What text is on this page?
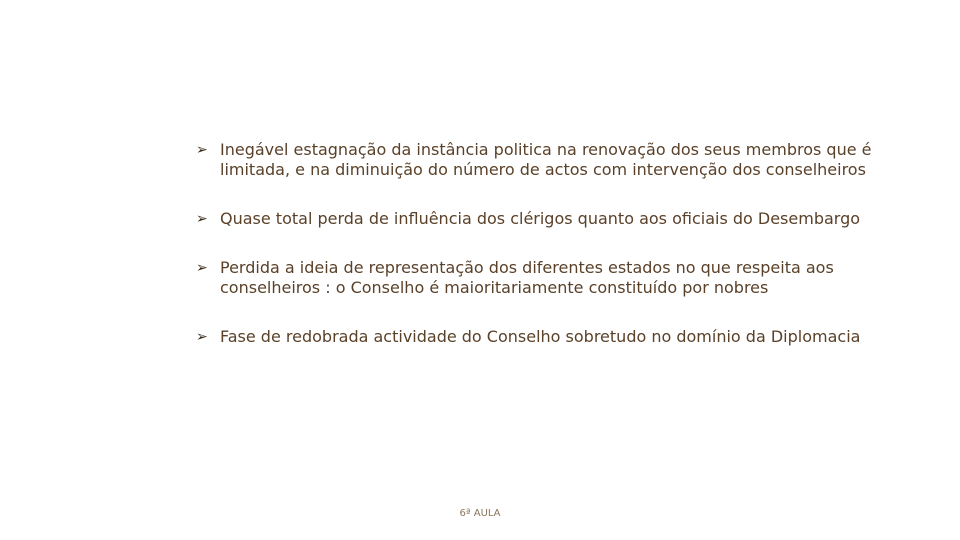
➢ Inegável estagnação da instância politica na renovação dos seus membros que é limitada, e na diminuição do número de actos com intervenção dos conselheiros
➢ Quase total perda de influência dos clérigos quanto aos oficiais do Desembargo
➢ Perdida a ideia de representação dos diferentes estados no que respeita aos conselheiros : o Conselho é maioritariamente constituído por nobres
➢ Fase de redobrada actividade do Conselho sobretudo no domínio da Diplomacia
6ª AULA
